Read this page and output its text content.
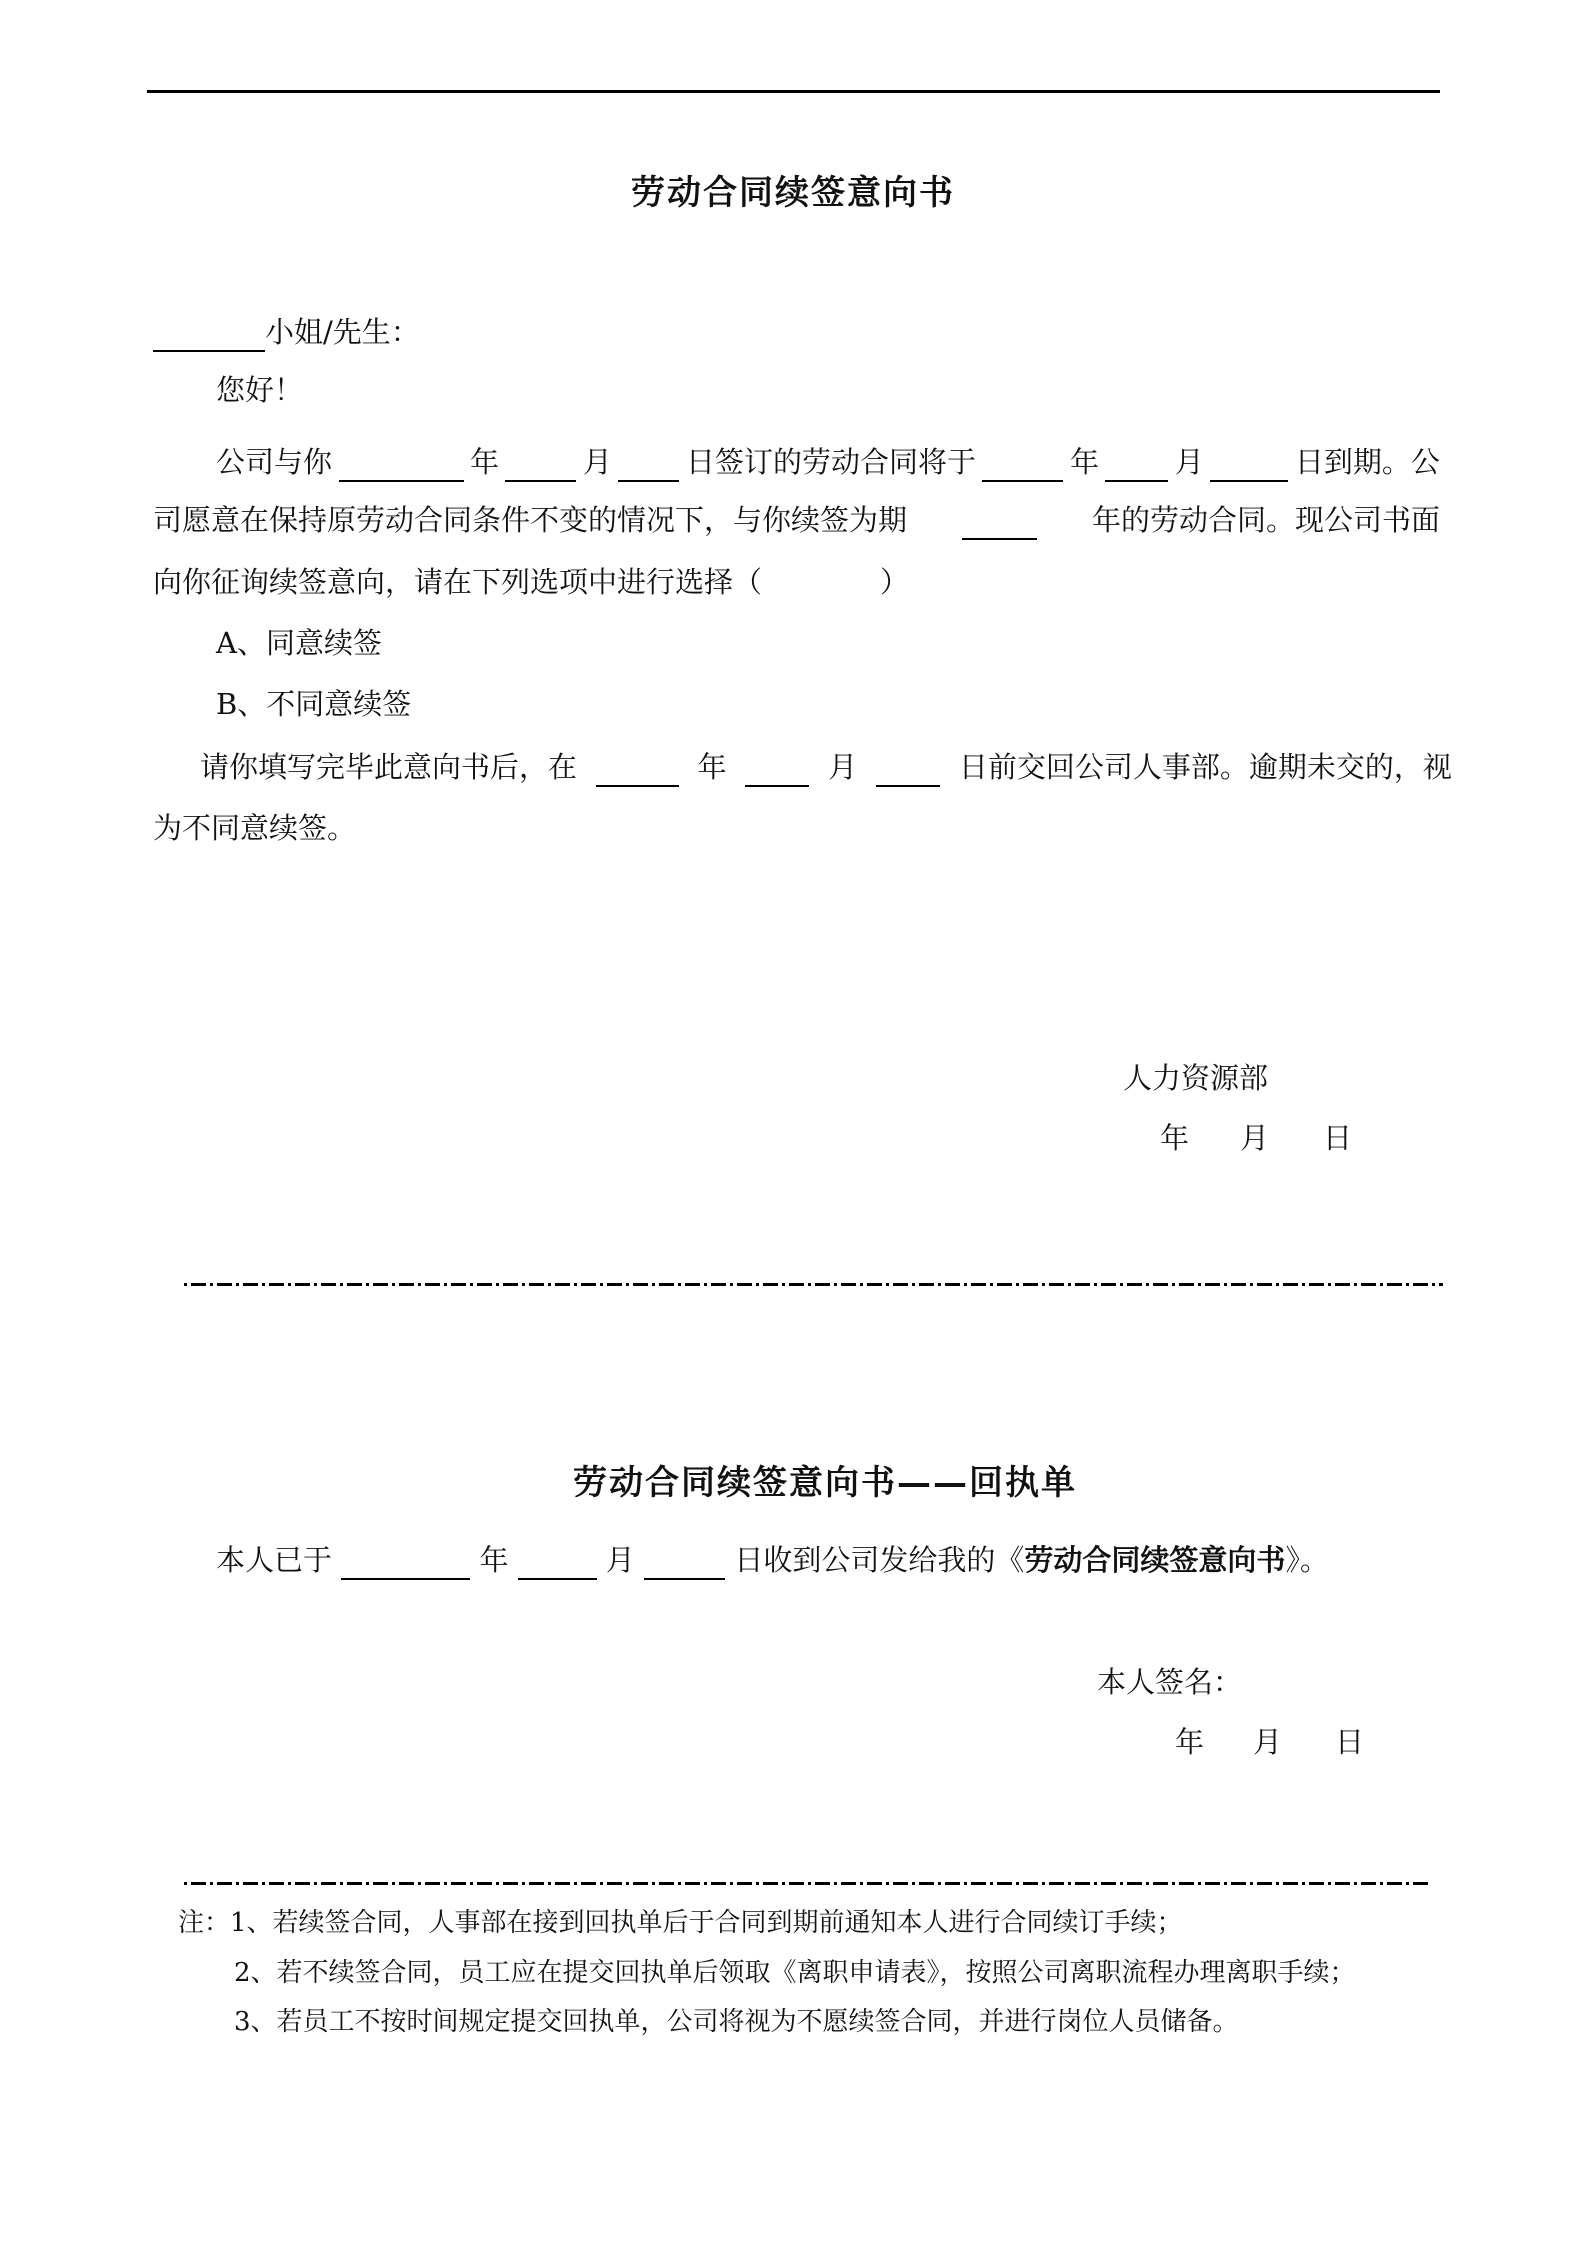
劳动合同续签意向书
小姐/先生：
您好！
公司与你	年	月	日签订的劳动合同将于	年	月	日到期。公
司愿意在保持原劳动合同条件不变的情况下，与你续签为期	年的劳动合同。现公司书面
向你征询续签意向，请在下列选项中进行选择（	）
A、同意续签
B、不同意续签
请你填写完毕此意向书后，在	年	月	日前交回公司人事部。逾期未交的，视
为不同意续签。
人力资源部
年 月 日
劳动合同续签意向书——回执单
本人已于	年	月	日收到公司发给我的《劳动合同续签意向书》。
本人签名：
年 月 日
注：1、若续签合同，人事部在接到回执单后于合同到期前通知本人进行合同续订手续；
2、若不续签合同，员工应在提交回执单后领取《离职申请表》，按照公司离职流程办理离职手续；
3、若员工不按时间规定提交回执单，公司将视为不愿续签合同，并进行岗位人员储备。
